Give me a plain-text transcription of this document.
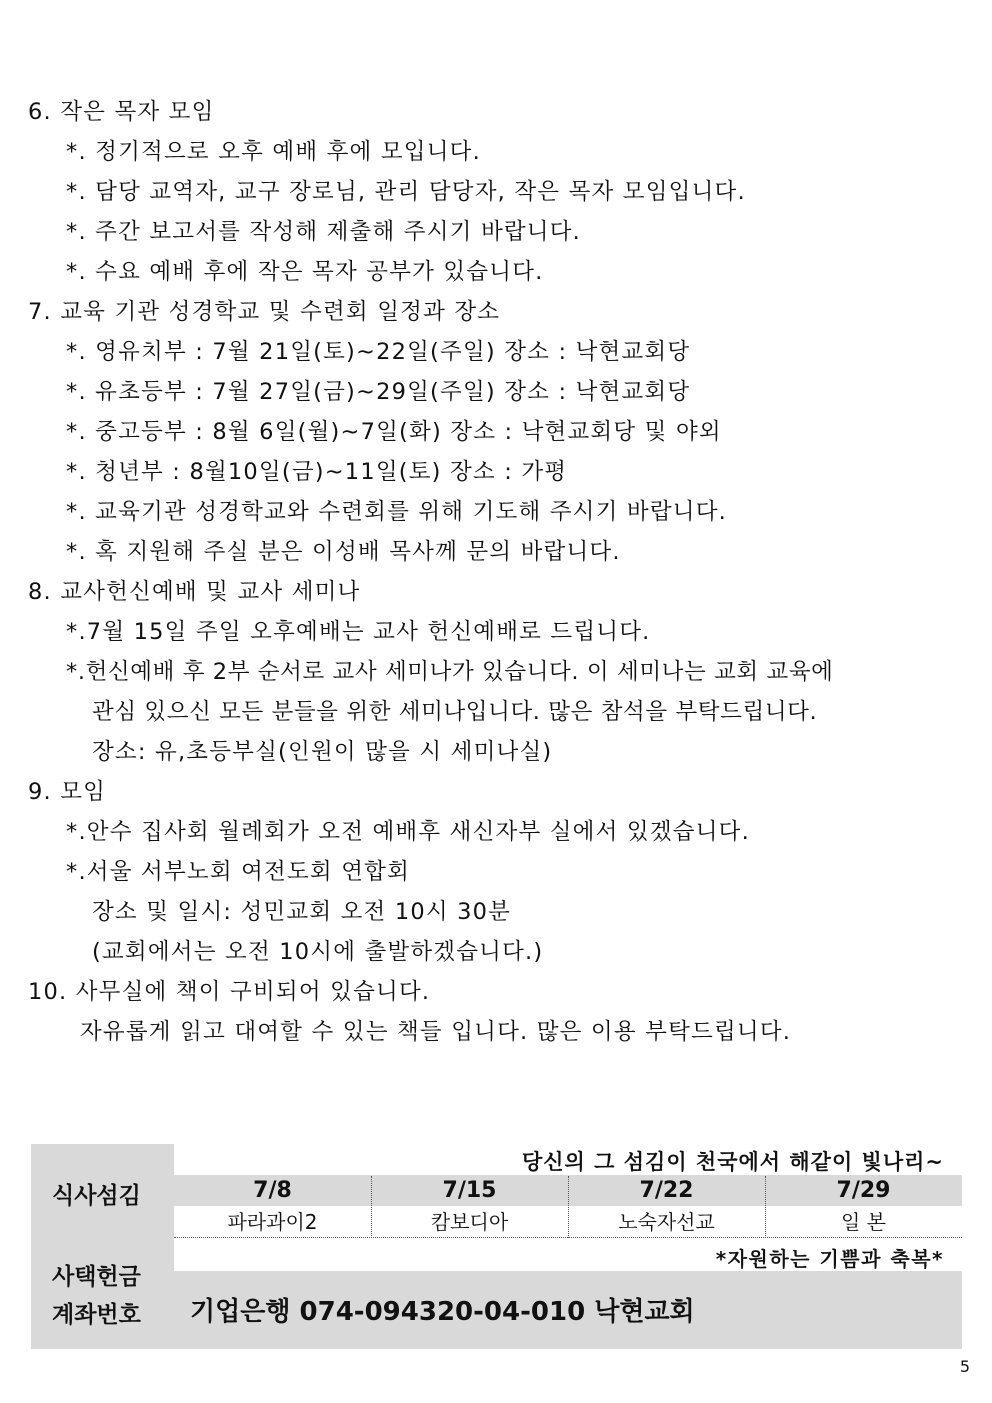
6. 작은 목자 모임
*. 정기적으로 오후 예배 후에 모입니다.
*. 담당 교역자, 교구 장로님, 관리 담당자, 작은 목자 모임입니다.
*. 주간 보고서를 작성해 제출해 주시기 바랍니다.
*. 수요 예배 후에 작은 목자 공부가 있습니다.
7. 교육 기관 성경학교 및 수련회 일정과 장소
*. 영유치부 : 7월 21일(토)~22일(주일) 장소 : 낙현교회당
*. 유초등부 : 7월 27일(금)~29일(주일) 장소 : 낙현교회당
*. 중고등부 : 8월 6일(월)~7일(화) 장소 : 낙현교회당 및 야외
*. 청년부 : 8월10일(금)~11일(토) 장소 : 가평
*. 교육기관 성경학교와 수련회를 위해 기도해 주시기 바랍니다.
*. 혹 지원해 주실 분은 이성배 목사께 문의 바랍니다.
8. 교사헌신예배 및 교사 세미나
*.7월 15일 주일 오후예배는 교사 헌신예배로 드립니다.
*.헌신예배 후 2부 순서로 교사 세미나가 있습니다. 이 세미나는 교회 교육에
관심 있으신 모든 분들을 위한 세미나입니다. 많은 참석을 부탁드립니다.
장소: 유,초등부실(인원이 많을 시 세미나실)
9. 모임
*.안수 집사회 월례회가 오전 예배후 새신자부 실에서 있겠습니다.
*.서울 서부노회 여전도회 연합회
장소 및 일시: 성민교회 오전 10시 30분
(교회에서는 오전 10시에 출발하겠습니다.)
10. 사무실에 책이 구비되어 있습니다.
자유롭게 읽고 대여할 수 있는 책들 입니다. 많은 이용 부탁드립니다.
식사섬김
당신의 그 섬김이 천국에서 해같이 빛나리~
7/8	7/15	7/22	7/29
파라과이2	캄보디아	노숙자선교	일 본
사택헌금
*자원하는 기쁨과 축복*
계좌번호 기업은행 074-094320-04-010 낙현교회
5
